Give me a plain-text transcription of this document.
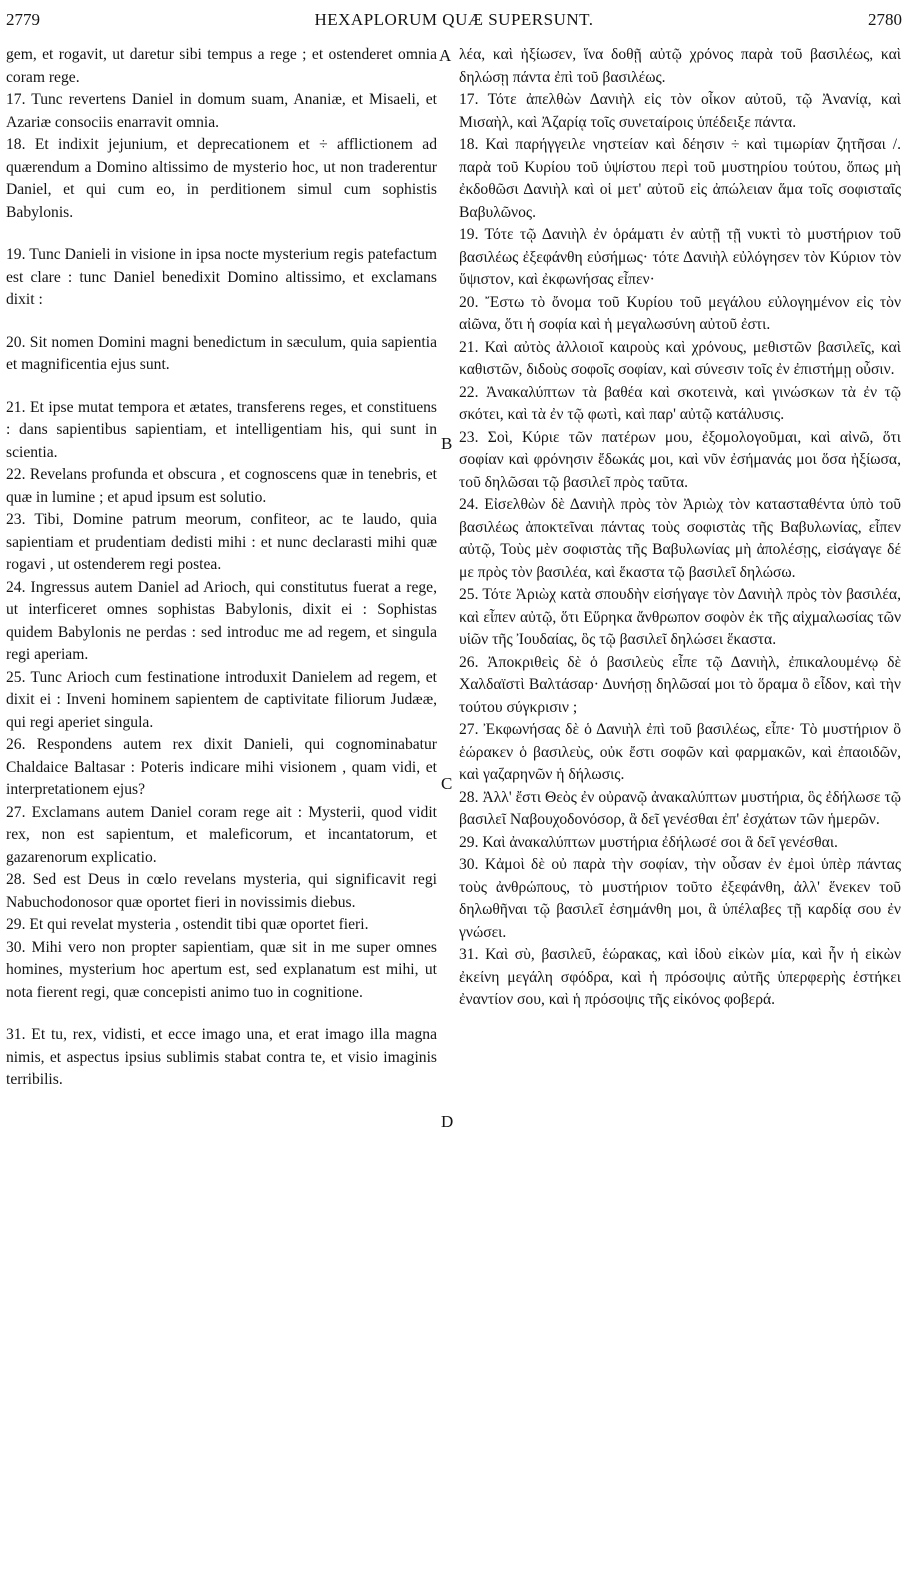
2779	HEXAPLORUM QUÆ SUPERSUNT.	2780

gem, et rogavit, ut daretur sibi tempus a rege ; et ostenderet omnia coram rege.

17. Tunc revertens Daniel in domum suam, Ananiæ, et Misaeli, et Azariæ consociis enarravit omnia.

18. Et indixit jejunium, et deprecationem et ÷ afflictionem ad quærendum a Domino altissimo de mysterio hoc, ut non traderentur Daniel, et qui cum eo, in perditionem simul cum sophistis Babylonis.

19. Tunc Danieli in visione in ipsa nocte mysterium regis patefactum est clare : tunc Daniel benedixit Domino altissimo, et exclamans dixit :

20. Sit nomen Domini magni benedictum in sæculum, quia sapientia et magnificentia ejus sunt.

21. Et ipse mutat tempora et ætates, transferens reges, et constituens : dans sapientibus sapientiam, et intelligentiam his, qui sunt in scientia.

22. Revelans profunda et obscura , et cognoscens quæ in tenebris, et quæ in lumine ; et apud ipsum est solutio.

23. Tibi, Domine patrum meorum, confiteor, ac te laudo, quia sapientiam et prudentiam dedisti mihi : et nunc declarasti mihi quæ rogavi , ut ostenderem regi postea.

24. Ingressus autem Daniel ad Arioch, qui constitutus fuerat a rege, ut interficeret omnes sophistas Babylonis, dixit ei : Sophistas quidem Babylonis ne perdas : sed introduc me ad regem, et singula regi aperiam.

25. Tunc Arioch cum festinatione introduxit Danielem ad regem, et dixit ei : Inveni hominem sapientem de captivitate filiorum Judææ, qui regi aperiet singula.

26. Respondens autem rex dixit Danieli, qui cognominabatur Chaldaice Baltasar : Poteris indicare mihi visionem , quam vidi, et interpretationem ejus?

27. Exclamans autem Daniel coram rege ait : Mysterii, quod vidit rex, non est sapientum, et maleficorum, et incantatorum, et gazarenorum explicatio.

28. Sed est Deus in cœlo revelans mysteria, qui significavit regi Nabuchodonosor quæ oportet fieri in novissimis diebus.

29. Et qui revelat mysteria , ostendit tibi quæ oportet fieri.

30. Mihi vero non propter sapientiam, quæ sit in me super omnes homines, mysterium hoc apertum est, sed explanatum est mihi, ut nota fierent regi, quæ concepisti animo tuo in cognitione.

31. Et tu, rex, vidisti, et ecce imago una, et erat imago illa magna nimis, et aspectus ipsius sublimis stabat contra te, et visio imaginis terribilis.

λέα, καὶ ἠξίωσεν, ἵνα δοθῇ αὐτῷ χρόνος παρὰ τοῦ βασιλέως, καὶ δηλώσῃ πάντα ἐπὶ τοῦ βασιλέως.

17. Τότε ἀπελθὼν Δανιὴλ εἰς τὸν οἶκον αὐτοῦ, τῷ Ἀνανίᾳ, καὶ Μισαὴλ, καὶ Ἀζαρίᾳ τοῖς συνεταίροις ὑπέδειξε πάντα.

18. Καὶ παρήγγειλε νηστείαν καὶ δέησιν ÷ καὶ τιμωρίαν ζητῆσαι /. παρὰ τοῦ Κυρίου τοῦ ὑψίστου περὶ τοῦ μυστηρίου τούτου, ὅπως μὴ ἐκδοθῶσι Δανιὴλ καὶ οἱ μετ' αὐτοῦ εἰς ἀπώλειαν ἅμα τοῖς σοφισταῖς Βαβυλῶνος.

19. Τότε τῷ Δανιὴλ ἐν ὁράματι ἐν αὐτῇ τῇ νυκτὶ τὸ μυστήριον τοῦ βασιλέως ἐξεφάνθη εὐσήμως· τότε Δανιὴλ εὐλόγησεν τὸν Κύριον τὸν ὕψιστον, καὶ ἐκφωνήσας εἶπεν·

20. Ἔστω τὸ ὄνομα τοῦ Κυρίου τοῦ μεγάλου εὐλογημένον εἰς τὸν αἰῶνα, ὅτι ἡ σοφία καὶ ἡ μεγαλωσύνη αὐτοῦ ἐστι.

21. Καὶ αὐτὸς ἀλλοιοῖ καιροὺς καὶ χρόνους, μεθιστῶν βασιλεῖς, καὶ καθιστῶν, διδοὺς σοφοῖς σοφίαν, καὶ σύνεσιν τοῖς ἐν ἐπιστήμῃ οὖσιν.

22. Ἀνακαλύπτων τὰ βαθέα καὶ σκοτεινὰ, καὶ γινώσκων τὰ ἐν τῷ σκότει, καὶ τὰ ἐν τῷ φωτὶ, καὶ παρ' αὐτῷ κατάλυσις.

23. Σοὶ, Κύριε τῶν πατέρων μου, ἐξομολογοῦμαι, καὶ αἰνῶ, ὅτι σοφίαν καὶ φρόνησιν ἔδωκάς μοι, καὶ νῦν ἐσήμανάς μοι ὅσα ἠξίωσα, τοῦ δηλῶσαι τῷ βασιλεῖ πρὸς ταῦτα.

24. Εἰσελθὼν δὲ Δανιὴλ πρὸς τὸν Ἀριὼχ τὸν κατασταθέντα ὑπὸ τοῦ βασιλέως ἀποκτεῖναι πάντας τοὺς σοφιστὰς τῆς Βαβυλωνίας, εἶπεν αὐτῷ, Τοὺς μὲν σοφιστὰς τῆς Βαβυλωνίας μὴ ἀπολέσῃς, εἰσάγαγε δέ με πρὸς τὸν βασιλέα, καὶ ἕκαστα τῷ βασιλεῖ δηλώσω.

25. Τότε Ἀριὼχ κατὰ σπουδὴν εἰσήγαγε τὸν Δανιὴλ πρὸς τὸν βασιλέα, καὶ εἶπεν αὐτῷ, ὅτι Εὕρηκα ἄνθρωπον σοφὸν ἐκ τῆς αἰχμαλωσίας τῶν υἱῶν τῆς Ἰουδαίας, ὃς τῷ βασιλεῖ δηλώσει ἕκαστα.

26. Ἀποκριθεὶς δὲ ὁ βασιλεὺς εἶπε τῷ Δανιὴλ, ἐπικαλουμένῳ δὲ Χαλδαϊστὶ Βαλτάσαρ· Δυνήσῃ δηλῶσαί μοι τὸ ὅραμα ὃ εἶδον, καὶ τὴν τούτου σύγκρισιν ;

27. Ἐκφωνήσας δὲ ὁ Δανιὴλ ἐπὶ τοῦ βασιλέως, εἶπε· Τὸ μυστήριον ὃ ἑώρακεν ὁ βασιλεὺς, οὐκ ἔστι σοφῶν καὶ φαρμακῶν, καὶ ἐπαοιδῶν, καὶ γαζαρηνῶν ἡ δήλωσις.

28. Ἀλλ' ἔστι Θεὸς ἐν οὐρανῷ ἀνακαλύπτων μυστήρια, ὃς ἐδήλωσε τῷ βασιλεῖ Ναβουχοδονόσορ, ἃ δεῖ γενέσθαι ἐπ' ἐσχάτων τῶν ἡμερῶν.

29. Καὶ ἀνακαλύπτων μυστήρια ἐδήλωσέ σοι ἃ δεῖ γενέσθαι.

30. Κἀμοὶ δὲ οὐ παρὰ τὴν σοφίαν, τὴν οὖσαν ἐν ἐμοὶ ὑπὲρ πάντας τοὺς ἀνθρώπους, τὸ μυστήριον τοῦτο ἐξεφάνθη, ἀλλ' ἕνεκεν τοῦ δηλωθῆναι τῷ βασιλεῖ ἐσημάνθη μοι, ἃ ὑπέλαβες τῇ καρδίᾳ σου ἐν γνώσει.

31. Καὶ σὺ, βασιλεῦ, ἑώρακας, καὶ ἰδοὺ εἰκὼν μία, καὶ ἦν ἡ εἰκὼν ἐκείνη μεγάλη σφόδρα, καὶ ἡ πρόσοψις αὐτῆς ὑπερφερὴς ἑστήκει ἐναντίον σου, καὶ ἡ πρόσοψις τῆς εἰκόνος φοβερά.

A
B
C
D
